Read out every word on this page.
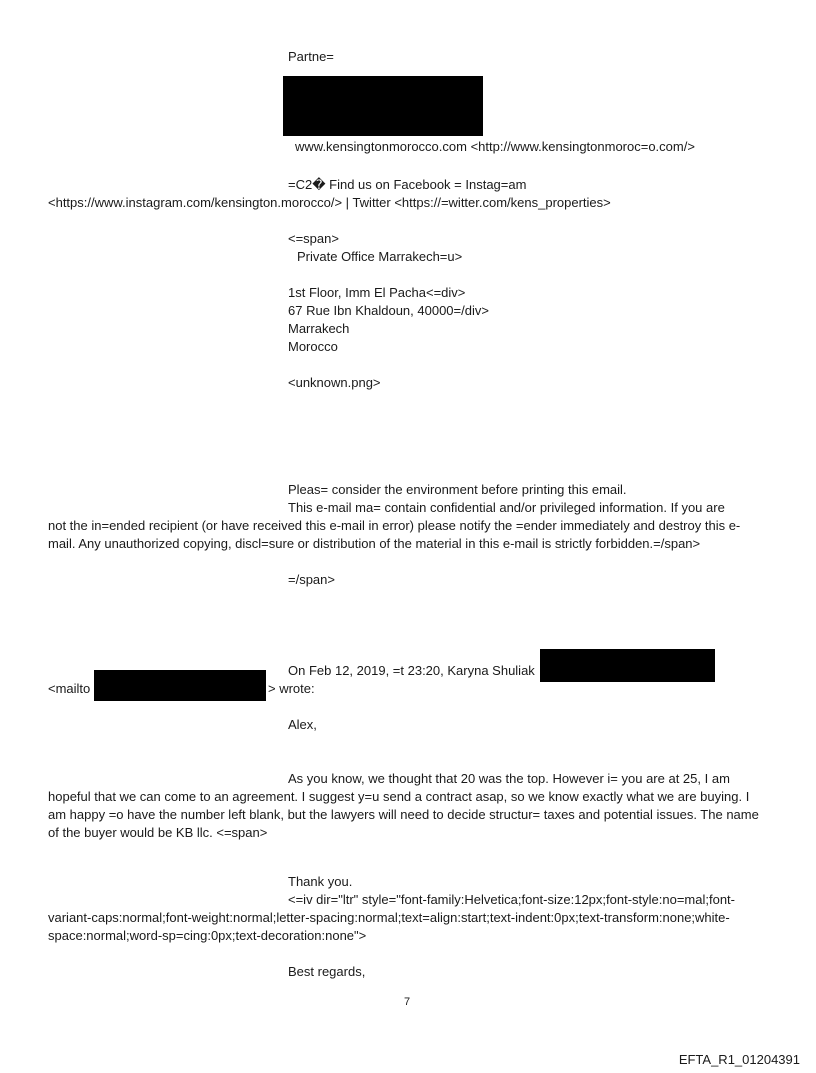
Partne=
www.kensingtonmorocco.com <http://www.kensingtonmoroc=o.com/>
=C2� Find us on Facebook = Instag=am
<https://www.instagram.com/kensington.morocco/> | Twitter <https://=witter.com/kens_properties>
<=span>
Private Office Marrakech=u>
1st Floor, Imm El Pacha<=div>
67 Rue Ibn Khaldoun, 40000=/div>
Marrakech
Morocco
<unknown.png>
Pleas= consider the environment before printing this email.
This e-mail ma= contain confidential and/or privileged information. If you are
not the in=ended recipient (or have received this e-mail in error) please notify the =ender immediately and destroy this e-mail. Any unauthorized copying, discl=sure or distribution of the material in this e-mail is strictly forbidden.=/span>
=/span>
On Feb 12, 2019, =t 23:20, Karyna Shuliak
<mailto	> wrote:
Alex,
As you know, we thought that 20 was the top. However i= you are at 25, I am
hopeful that we can come to an agreement. I suggest y=u send a contract asap, so we know exactly what we are buying. I am happy =o have the number left blank, but the lawyers will need to decide structur= taxes and potential issues. The name of the buyer would be KB llc. <=span>
Thank you.
<=iv dir="ltr" style="font-family:Helvetica;font-size:12px;font-style:no=mal;font-
variant-caps:normal;font-weight:normal;letter-spacing:normal;text=align:start;text-indent:0px;text-transform:none;white-space:normal;word-sp=cing:0px;text-decoration:none">
Best regards,
7
EFTA_R1_01204391
